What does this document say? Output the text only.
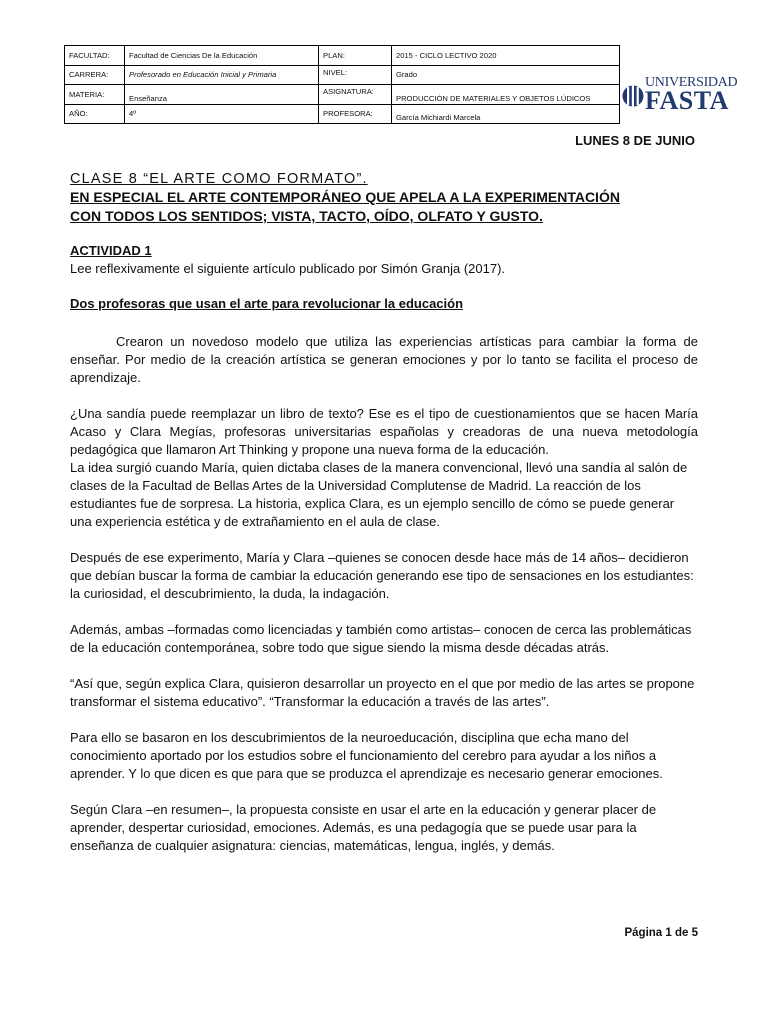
FACULTAD:	Facultad de Ciencias De la Educación	PLAN:	2015 - CICLO LECTIVO 2020
CARRERA:	Profesorado en Educación Inicial y Primaria	NIVEL:	Grado
MATERIA:	Enseñanza	ASIGNATURA:	PRODUCCIÓN DE MATERIALES Y OBJETOS LÚDICOS
AÑO:	4º	PROFESORA:	García Michiardi Marcela
UNIVERSIDAD
FASTA
LUNES 8 DE JUNIO
CLASE 8 “EL ARTE COMO FORMATO”.
EN ESPECIAL EL ARTE CONTEMPORÁNEO QUE APELA A LA EXPERIMENTACIÓN
CON TODOS LOS SENTIDOS; VISTA, TACTO, OÍDO, OLFATO Y GUSTO.
ACTIVIDAD 1
Lee reflexivamente el siguiente artículo publicado por Simón Granja (2017).
Dos profesoras que usan el arte para revolucionar la educación

Crearon un novedoso modelo que utiliza las experiencias artísticas para cambiar la forma de enseñar. Por medio de la creación artística se generan emociones y por lo tanto se facilita el proceso de aprendizaje.

¿Una sandía puede reemplazar un libro de texto? Ese es el tipo de cuestionamientos que se hacen María Acaso y Clara Megías, profesoras universitarias españolas y creadoras de una nueva metodología pedagógica que llamaron Art Thinking y propone una nueva forma de la educación.

La idea surgió cuando María, quien dictaba clases de la manera convencional, llevó una sandía al salón de clases de la Facultad de Bellas Artes de la Universidad Complutense de Madrid. La reacción de los estudiantes fue de sorpresa. La historia, explica Clara, es un ejemplo sencillo de cómo se puede generar una experiencia estética y de extrañamiento en el aula de clase.

Después de ese experimento, María y Clara –quienes se conocen desde hace más de 14 años– decidieron que debían buscar la forma de cambiar la educación generando ese tipo de sensaciones en los estudiantes: la curiosidad, el descubrimiento, la duda, la indagación.

Además, ambas –formadas como licenciadas y también como artistas– conocen de cerca las problemáticas de la educación contemporánea, sobre todo que sigue siendo la misma desde décadas atrás.

“Así que, según explica Clara, quisieron desarrollar un proyecto en el que por medio de las artes se propone transformar el sistema educativo”. “Transformar la educación a través de las artes”.

Para ello se basaron en los descubrimientos de la neuroeducación, disciplina que echa mano del conocimiento aportado por los estudios sobre el funcionamiento del cerebro para ayudar a los niños a aprender. Y lo que dicen es que para que se produzca el aprendizaje es necesario generar emociones.

Según Clara –en resumen–, la propuesta consiste en usar el arte en la educación y generar placer de aprender, despertar curiosidad, emociones. Además, es una pedagogía que se puede usar para la enseñanza de cualquier asignatura: ciencias, matemáticas, lengua, inglés, y demás.

Página 1 de 5
